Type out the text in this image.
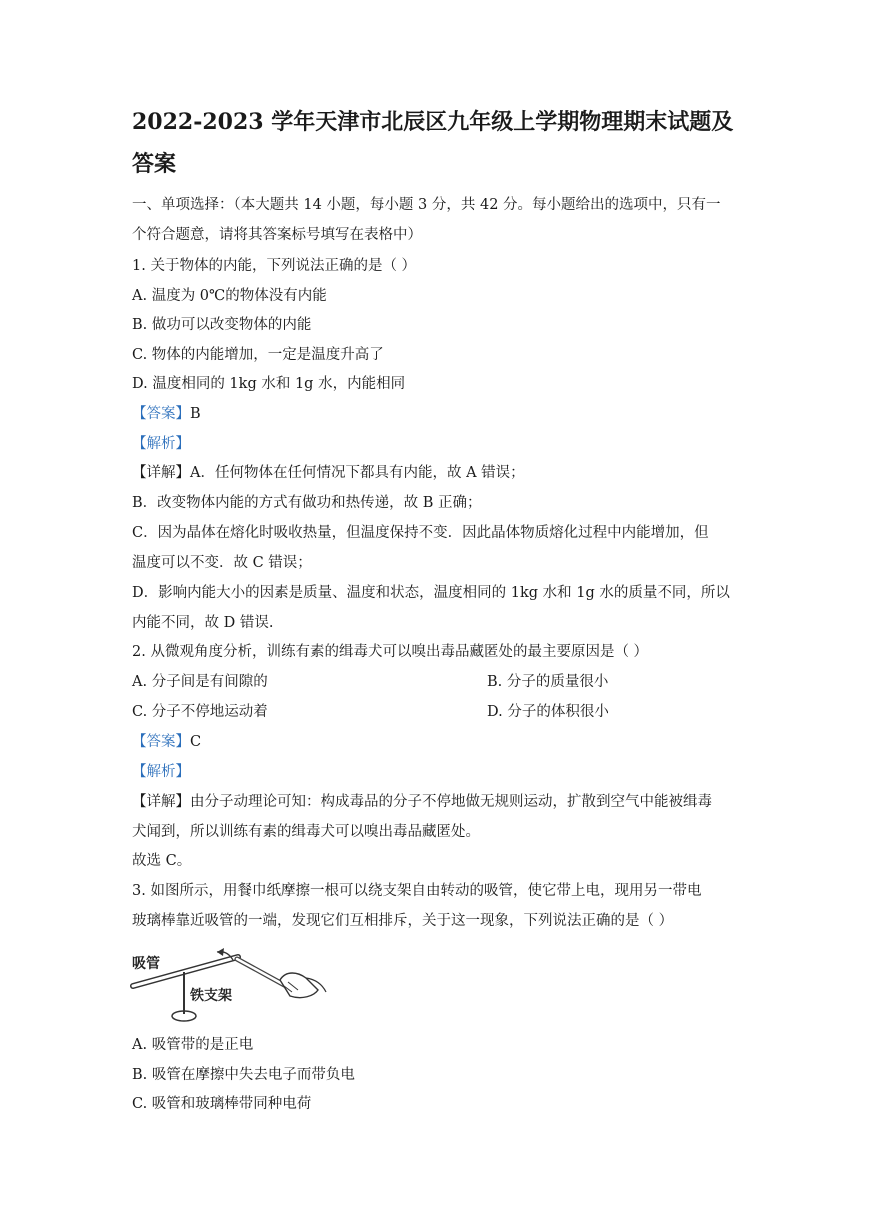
2022-2023 学年天津市北辰区九年级上学期物理期末试题及
答案
一、单项选择：（本大题共 14 小题，每小题 3 分，共 42 分。每小题给出的选项中，只有一
个符合题意，请将其答案标号填写在表格中）
1. 关于物体的内能，下列说法正确的是（ ）
A. 温度为 0℃的物体没有内能
B. 做功可以改变物体的内能
C. 物体的内能增加，一定是温度升高了
D. 温度相同的 1kg 水和 1g 水，内能相同
【答案】B
【解析】
【详解】A．任何物体在任何情况下都具有内能，故 A 错误；
B．改变物体内能的方式有做功和热传递，故 B 正确；
C．因为晶体在熔化时吸收热量，但温度保持不变．因此晶体物质熔化过程中内能增加，但
温度可以不变．故 C 错误；
D．影响内能大小的因素是质量、温度和状态，温度相同的 1kg 水和 1g 水的质量不同，所以
内能不同，故 D 错误.
2. 从微观角度分析，训练有素的缉毒犬可以嗅出毒品藏匿处的最主要原因是（ ）
A. 分子间是有间隙的	B. 分子的质量很小
C. 分子不停地运动着	D. 分子的体积很小
【答案】C
【解析】
【详解】由分子动理论可知：构成毒品的分子不停地做无规则运动，扩散到空气中能被缉毒
犬闻到，所以训练有素的缉毒犬可以嗅出毒品藏匿处。
故选 C。
3. 如图所示，用餐巾纸摩擦一根可以绕支架自由转动的吸管，使它带上电，现用另一带电
玻璃棒靠近吸管的一端，发现它们互相排斥，关于这一现象，下列说法正确的是（ ）
吸管
铁支架
A. 吸管带的是正电
B. 吸管在摩擦中失去电子而带负电
C. 吸管和玻璃棒带同种电荷
